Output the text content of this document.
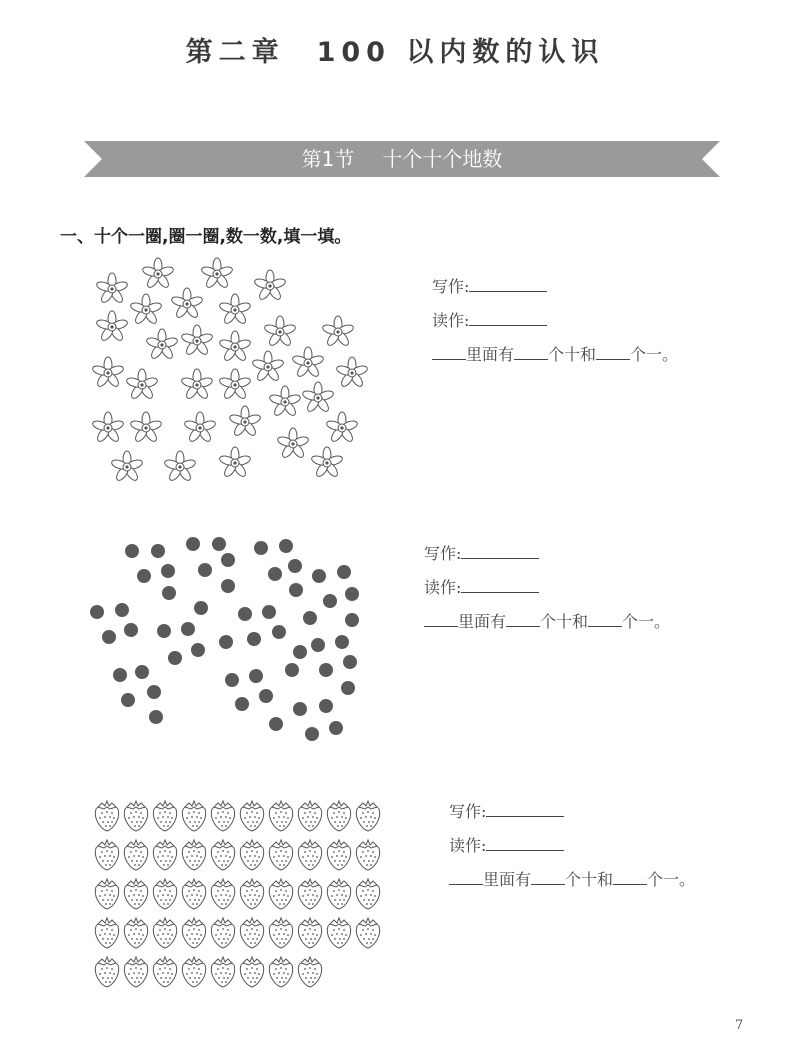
第二章 100 以内数的认识
第1节 十个十个地数
一、十个一圈,圈一圈,数一数,填一填。
写作:
读作:
里面有 个十和 个一。
写作:
读作:
里面有 个十和 个一。
写作:
读作:
里面有 个十和 个一。
7
